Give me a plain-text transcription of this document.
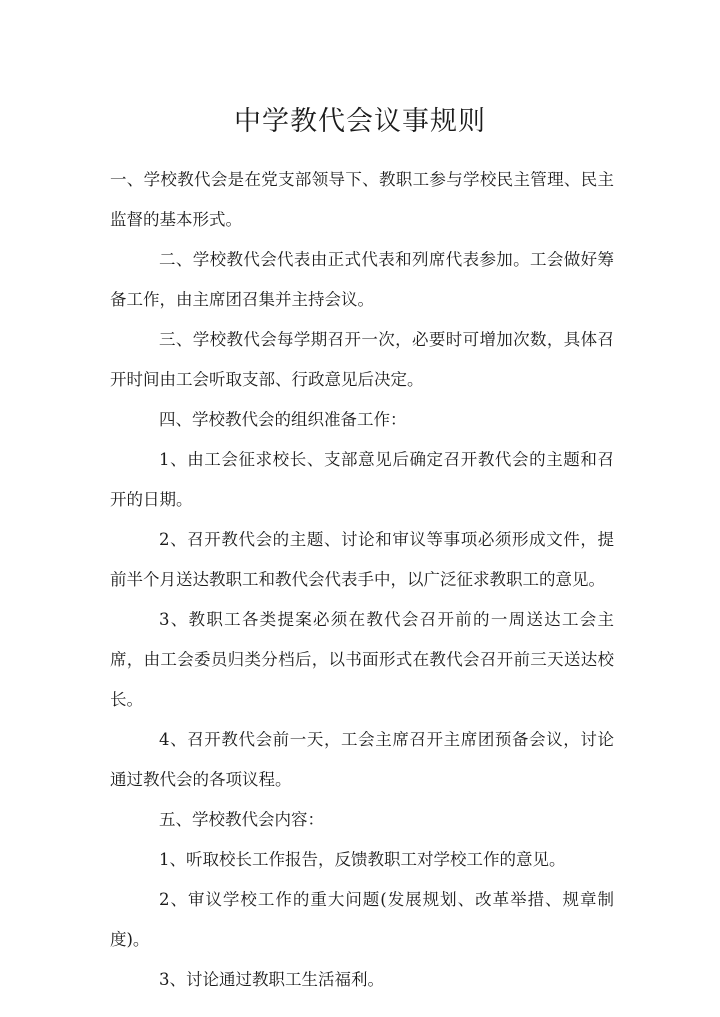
中学教代会议事规则

一、学校教代会是在党支部领导下、教职工参与学校民主管理、民主监督的基本形式。

二、学校教代会代表由正式代表和列席代表参加。工会做好筹备工作，由主席团召集并主持会议。

三、学校教代会每学期召开一次，必要时可增加次数，具体召开时间由工会听取支部、行政意见后决定。

四、学校教代会的组织准备工作：

1、由工会征求校长、支部意见后确定召开教代会的主题和召开的日期。

2、召开教代会的主题、讨论和审议等事项必须形成文件，提前半个月送达教职工和教代会代表手中，以广泛征求教职工的意见。

3、教职工各类提案必须在教代会召开前的一周送达工会主席，由工会委员归类分档后，以书面形式在教代会召开前三天送达校长。

4、召开教代会前一天，工会主席召开主席团预备会议，讨论通过教代会的各项议程。

五、学校教代会内容：

1、听取校长工作报告，反馈教职工对学校工作的意见。

2、审议学校工作的重大问题(发展规划、改革举措、规章制度)。

3、讨论通过教职工生活福利。
